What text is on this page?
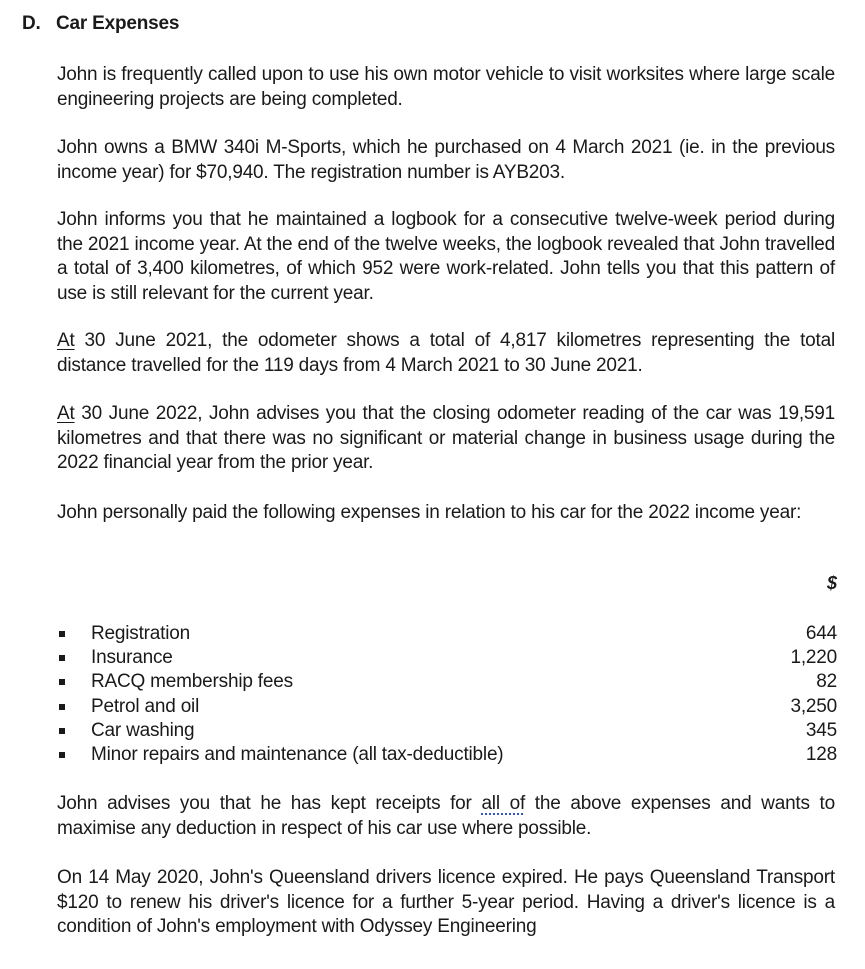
D. Car Expenses

John is frequently called upon to use his own motor vehicle to visit worksites where large scale engineering projects are being completed.

John owns a BMW 340i M-Sports, which he purchased on 4 March 2021 (ie. in the previous income year) for $70,940. The registration number is AYB203.

John informs you that he maintained a logbook for a consecutive twelve-week period during the 2021 income year. At the end of the twelve weeks, the logbook revealed that John travelled a total of 3,400 kilometres, of which 952 were work-related. John tells you that this pattern of use is still relevant for the current year.

At 30 June 2021, the odometer shows a total of 4,817 kilometres representing the total distance travelled for the 119 days from 4 March 2021 to 30 June 2021.

At 30 June 2022, John advises you that the closing odometer reading of the car was 19,591 kilometres and that there was no significant or material change in business usage during the 2022 financial year from the prior year.

John personally paid the following expenses in relation to his car for the 2022 income year:

$
Registration	644
Insurance	1,220
RACQ membership fees	82
Petrol and oil	3,250
Car washing	345
Minor repairs and maintenance (all tax-deductible)	128

John advises you that he has kept receipts for all of the above expenses and wants to maximise any deduction in respect of his car use where possible.

On 14 May 2020, John's Queensland drivers licence expired. He pays Queensland Transport $120 to renew his driver's licence for a further 5-year period. Having a driver's licence is a condition of John's employment with Odyssey Engineering
